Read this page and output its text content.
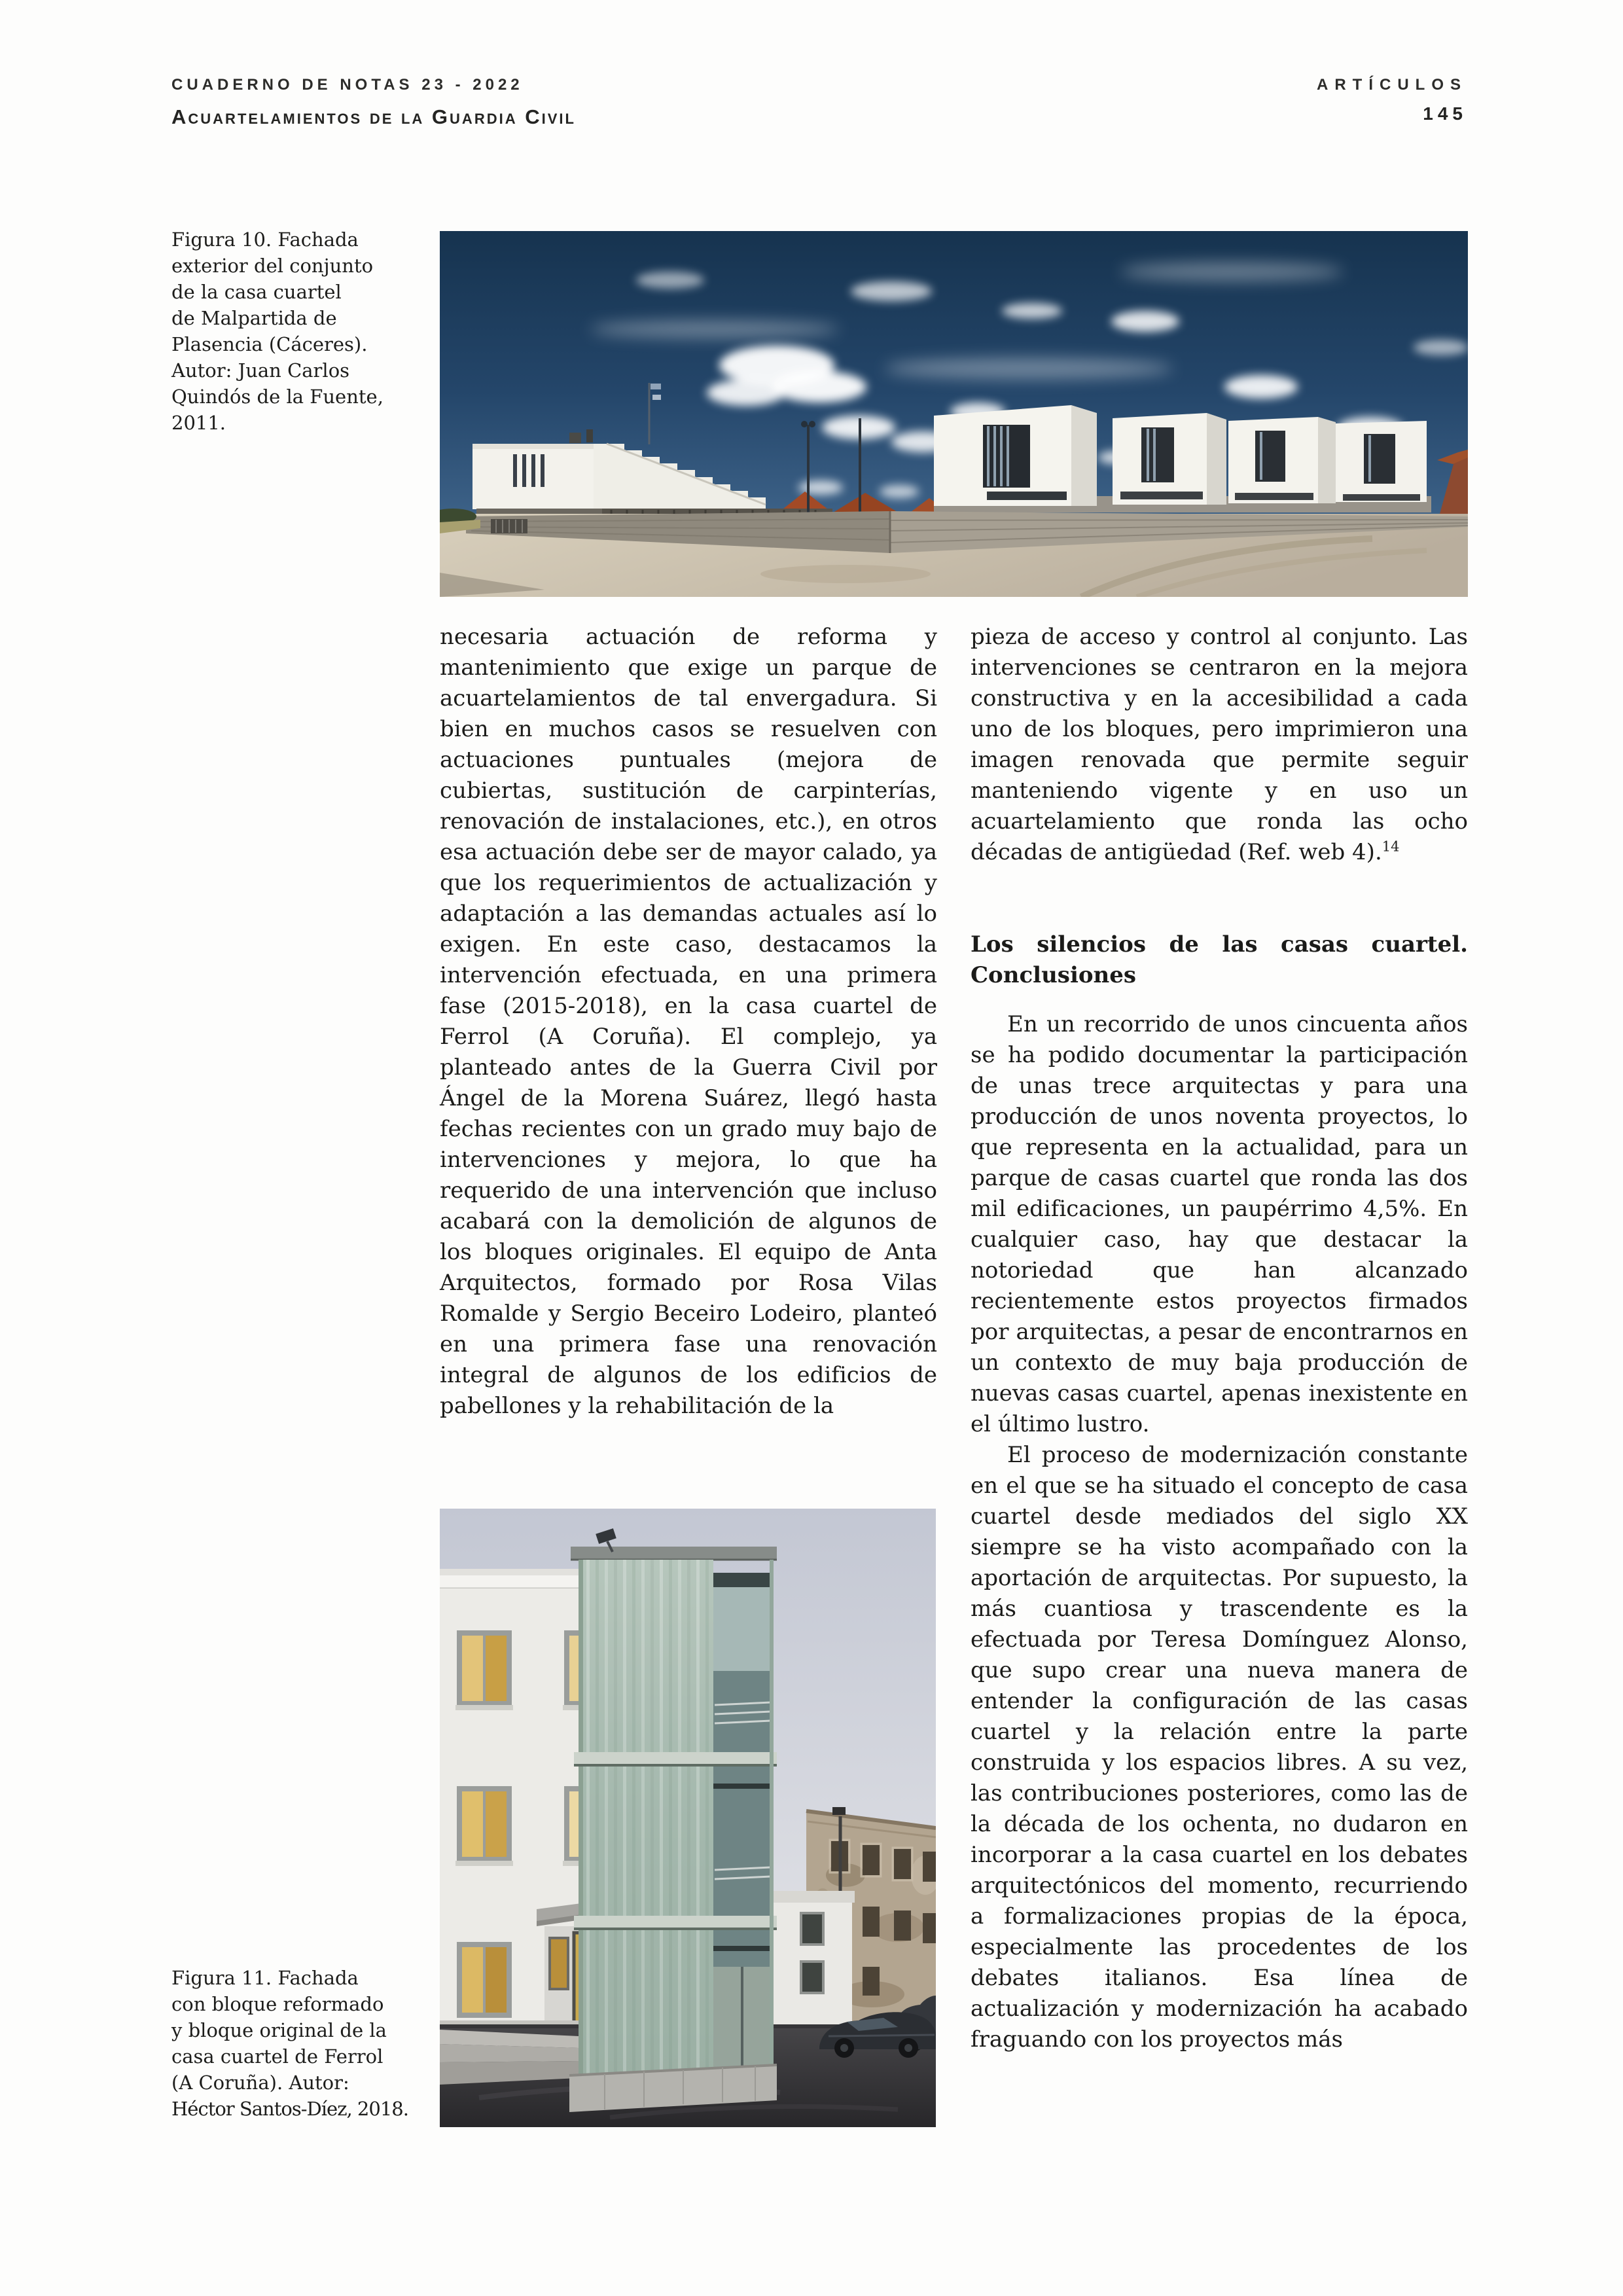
CUADERNO DE NOTAS 23 - 2022
Acuartelamientos de la Guardia Civil
ARTÍCULOS
145
Figura 10. Fachada
exterior del conjunto
de la casa cuartel
de Malpartida de
Plasencia (Cáceres).
Autor: Juan Carlos
Quindós de la Fuente,
2011.

necesaria actuación de reforma y mantenimiento que exige un parque de acuartelamientos de tal envergadura. Si bien en muchos casos se resuelven con actuaciones puntuales (mejora de cubiertas, sustitución de carpinterías, renovación de instalaciones, etc.), en otros esa actuación debe ser de mayor calado, ya que los requerimientos de actualización y adaptación a las demandas actuales así lo exigen. En este caso, destacamos la intervención efectuada, en una primera fase (2015-2018), en la casa cuartel de Ferrol (A Coruña). El complejo, ya planteado antes de la Guerra Civil por Ángel de la Morena Suárez, llegó hasta fechas recientes con un grado muy bajo de intervenciones y mejora, lo que ha requerido de una intervención que incluso acabará con la demolición de algunos de los bloques originales. El equipo de Anta Arquitectos, formado por Rosa Vilas Romalde y Sergio Beceiro Lodeiro, planteó en una primera fase una renovación integral de algunos de los edificios de pabellones y la rehabilitación de la

pieza de acceso y control al conjunto. Las intervenciones se centraron en la mejora constructiva y en la accesibilidad a cada uno de los bloques, pero imprimieron una imagen renovada que permite seguir manteniendo vigente y en uso un acuartelamiento que ronda las ocho décadas de antigüedad (Ref. web 4).$^{14}$

Los silencios de las casas cuartel. Conclusiones

En un recorrido de unos cincuenta años se ha podido documentar la participación de unas trece arquitectas y para una producción de unos noventa proyectos, lo que representa en la actualidad, para un parque de casas cuartel que ronda las dos mil edificaciones, un paupérrimo 4,5%. En cualquier caso, hay que destacar la notoriedad que han alcanzado recientemente estos proyectos firmados por arquitectas, a pesar de encontrarnos en un contexto de muy baja producción de nuevas casas cuartel, apenas inexistente en el último lustro.

El proceso de modernización constante en el que se ha situado el concepto de casa cuartel desde mediados del siglo XX siempre se ha visto acompañado con la aportación de arquitectas. Por supuesto, la más cuantiosa y trascendente es la efectuada por Teresa Domínguez Alonso, que supo crear una nueva manera de entender la configuración de las casas cuartel y la relación entre la parte construida y los espacios libres. A su vez, las contribuciones posteriores, como las de la década de los ochenta, no dudaron en incorporar a la casa cuartel en los debates arquitectónicos del momento, recurriendo a formalizaciones propias de la época, especialmente las procedentes de los debates italianos. Esa línea de actualización y modernización ha acabado fraguando con los proyectos más

Figura 11. Fachada
con bloque reformado
y bloque original de la
casa cuartel de Ferrol
(A Coruña). Autor:
Héctor Santos-Díez, 2018.
